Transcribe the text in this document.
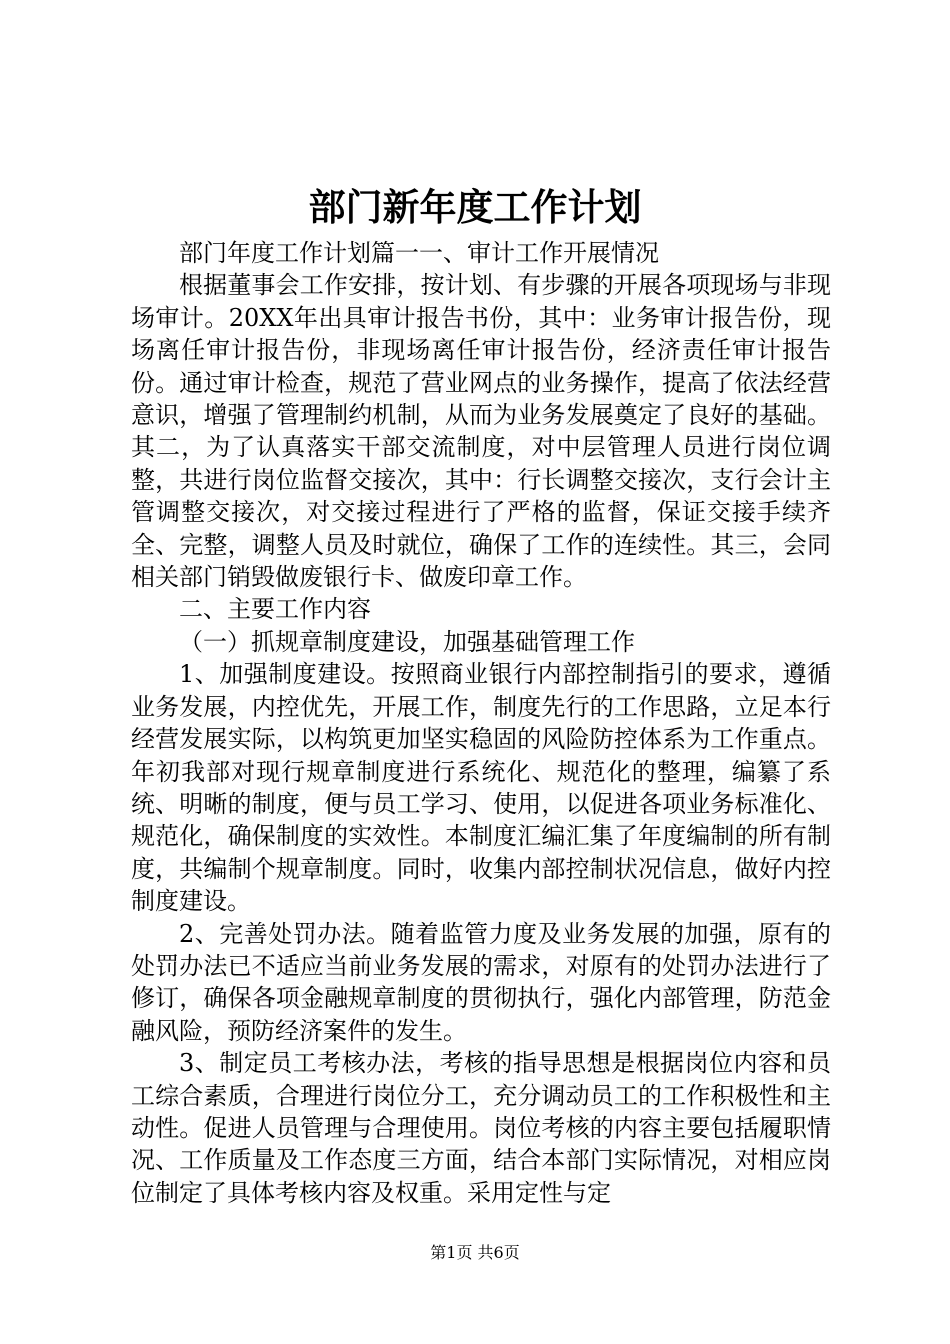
部门新年度工作计划

部门年度工作计划篇一一、审计工作开展情况

根据董事会工作安排，按计划、有步骤的开展各项现场与非现场审计。20XX年出具审计报告书份，其中：业务审计报告份，现场离任审计报告份，非现场离任审计报告份，经济责任审计报告份。通过审计检查，规范了营业网点的业务操作，提高了依法经营意识，增强了管理制约机制，从而为业务发展奠定了良好的基础。其二，为了认真落实干部交流制度，对中层管理人员进行岗位调整，共进行岗位监督交接次，其中：行长调整交接次，支行会计主管调整交接次，对交接过程进行了严格的监督，保证交接手续齐全、完整，调整人员及时就位，确保了工作的连续性。其三，会同相关部门销毁做废银行卡、做废印章工作。

二、主要工作内容

（一）抓规章制度建设，加强基础管理工作

1、加强制度建设。按照商业银行内部控制指引的要求，遵循业务发展，内控优先，开展工作，制度先行的工作思路，立足本行经营发展实际，以构筑更加坚实稳固的风险防控体系为工作重点。年初我部对现行规章制度进行系统化、规范化的整理，编纂了系统、明晰的制度，便与员工学习、使用，以促进各项业务标准化、规范化，确保制度的实效性。本制度汇编汇集了年度编制的所有制度，共编制个规章制度。同时，收集内部控制状况信息，做好内控制度建设。

2、完善处罚办法。随着监管力度及业务发展的加强，原有的处罚办法已不适应当前业务发展的需求，对原有的处罚办法进行了修订，确保各项金融规章制度的贯彻执行，强化内部管理，防范金融风险，预防经济案件的发生。

3、制定员工考核办法，考核的指导思想是根据岗位内容和员工综合素质，合理进行岗位分工，充分调动员工的工作积极性和主动性。促进人员管理与合理使用。岗位考核的内容主要包括履职情况、工作质量及工作态度三方面，结合本部门实际情况，对相应岗位制定了具体考核内容及权重。采用定性与定

第1页 共6页
